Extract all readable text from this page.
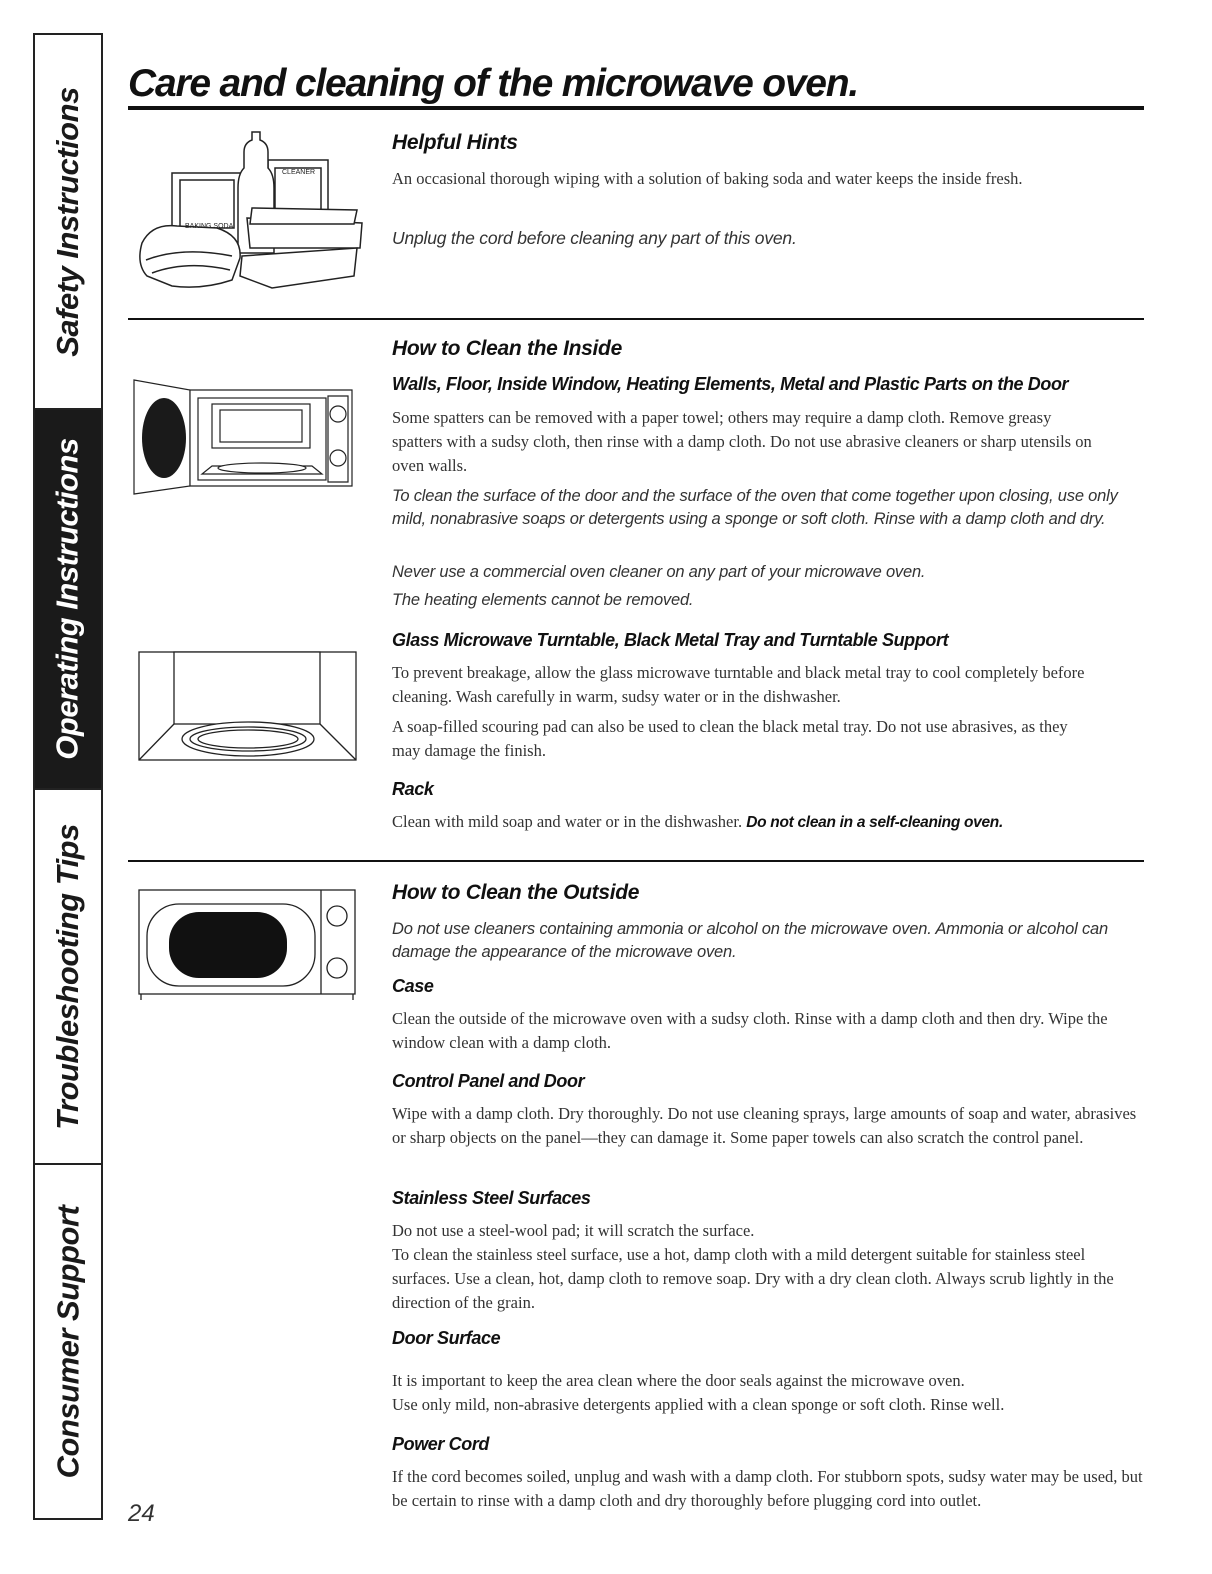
Safety Instructions
Operating Instructions
Troubleshooting Tips
Consumer Support
Care and cleaning of the microwave oven.
BAKING SODA
CLEANER
Helpful Hints

An occasional thorough wiping with a solution of baking soda and water keeps the inside fresh.

Unplug the cord before cleaning any part of this oven.

How to Clean the Inside
Walls, Floor, Inside Window, Heating Elements, Metal and Plastic Parts on the Door

Some spatters can be removed with a paper towel; others may require a damp cloth. Remove greasy spatters with a sudsy cloth, then rinse with a damp cloth. Do not use abrasive cleaners or sharp utensils on oven walls.

To clean the surface of the door and the surface of the oven that come together upon closing, use only mild, nonabrasive soaps or detergents using a sponge or soft cloth. Rinse with a damp cloth and dry.

Never use a commercial oven cleaner on any part of your microwave oven.

The heating elements cannot be removed.

Glass Microwave Turntable, Black Metal Tray and Turntable Support

To prevent breakage, allow the glass microwave turntable and black metal tray to cool completely before cleaning. Wash carefully in warm, sudsy water or in the dishwasher.

A soap-filled scouring pad can also be used to clean the black metal tray. Do not use abrasives, as they may damage the finish.

Rack

Clean with mild soap and water or in the dishwasher. Do not clean in a self-cleaning oven.

How to Clean the Outside

Do not use cleaners containing ammonia or alcohol on the microwave oven. Ammonia or alcohol can damage the appearance of the microwave oven.

Case

Clean the outside of the microwave oven with a sudsy cloth. Rinse with a damp cloth and then dry. Wipe the window clean with a damp cloth.

Control Panel and Door

Wipe with a damp cloth. Dry thoroughly. Do not use cleaning sprays, large amounts of soap and water, abrasives or sharp objects on the panel—they can damage it. Some paper towels can also scratch the control panel.

Stainless Steel Surfaces

Do not use a steel-wool pad; it will scratch the surface.

To clean the stainless steel surface, use a hot, damp cloth with a mild detergent suitable for stainless steel surfaces. Use a clean, hot, damp cloth to remove soap. Dry with a dry clean cloth. Always scrub lightly in the direction of the grain.

Door Surface

It is important to keep the area clean where the door seals against the microwave oven.

Use only mild, non-abrasive detergents applied with a clean sponge or soft cloth. Rinse well.

Power Cord

If the cord becomes soiled, unplug and wash with a damp cloth. For stubborn spots, sudsy water may be used, but be certain to rinse with a damp cloth and dry thoroughly before plugging cord into outlet.

24
